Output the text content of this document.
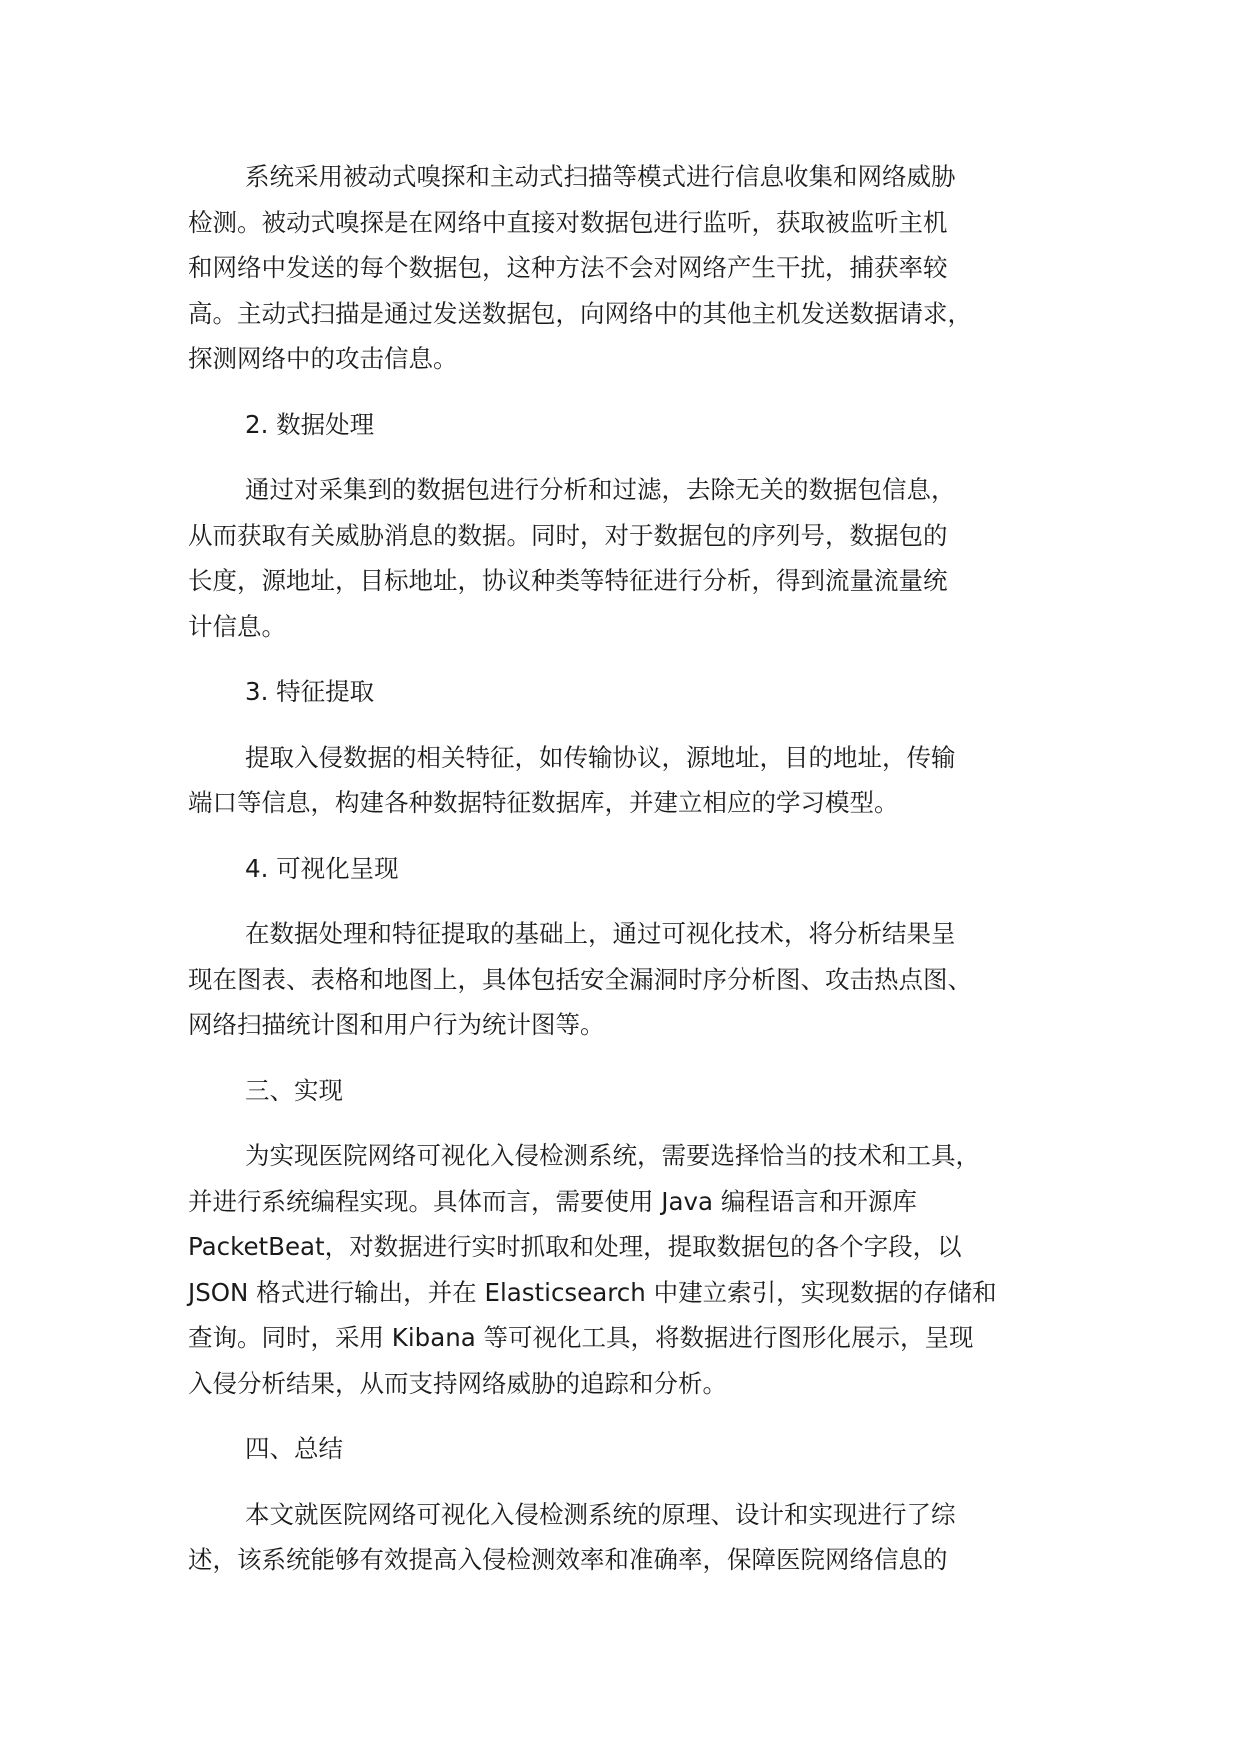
系统采用被动式嗅探和主动式扫描等模式进行信息收集和网络威胁
检测。被动式嗅探是在网络中直接对数据包进行监听，获取被监听主机
和网络中发送的每个数据包，这种方法不会对网络产生干扰，捕获率较
高。主动式扫描是通过发送数据包，向网络中的其他主机发送数据请求，
探测网络中的攻击信息。
2. 数据处理
通过对采集到的数据包进行分析和过滤，去除无关的数据包信息，
从而获取有关威胁消息的数据。同时，对于数据包的序列号，数据包的
长度，源地址，目标地址，协议种类等特征进行分析，得到流量流量统
计信息。
3. 特征提取
提取入侵数据的相关特征，如传输协议，源地址，目的地址，传输
端口等信息，构建各种数据特征数据库，并建立相应的学习模型。
4. 可视化呈现
在数据处理和特征提取的基础上，通过可视化技术，将分析结果呈
现在图表、表格和地图上，具体包括安全漏洞时序分析图、攻击热点图、
网络扫描统计图和用户行为统计图等。
三、实现
为实现医院网络可视化入侵检测系统，需要选择恰当的技术和工具，
并进行系统编程实现。具体而言，需要使用 Java 编程语言和开源库
PacketBeat，对数据进行实时抓取和处理，提取数据包的各个字段，以
JSON 格式进行输出，并在 Elasticsearch 中建立索引，实现数据的存储和
查询。同时，采用 Kibana 等可视化工具，将数据进行图形化展示，呈现
入侵分析结果，从而支持网络威胁的追踪和分析。
四、总结
本文就医院网络可视化入侵检测系统的原理、设计和实现进行了综
述，该系统能够有效提高入侵检测效率和准确率，保障医院网络信息的
